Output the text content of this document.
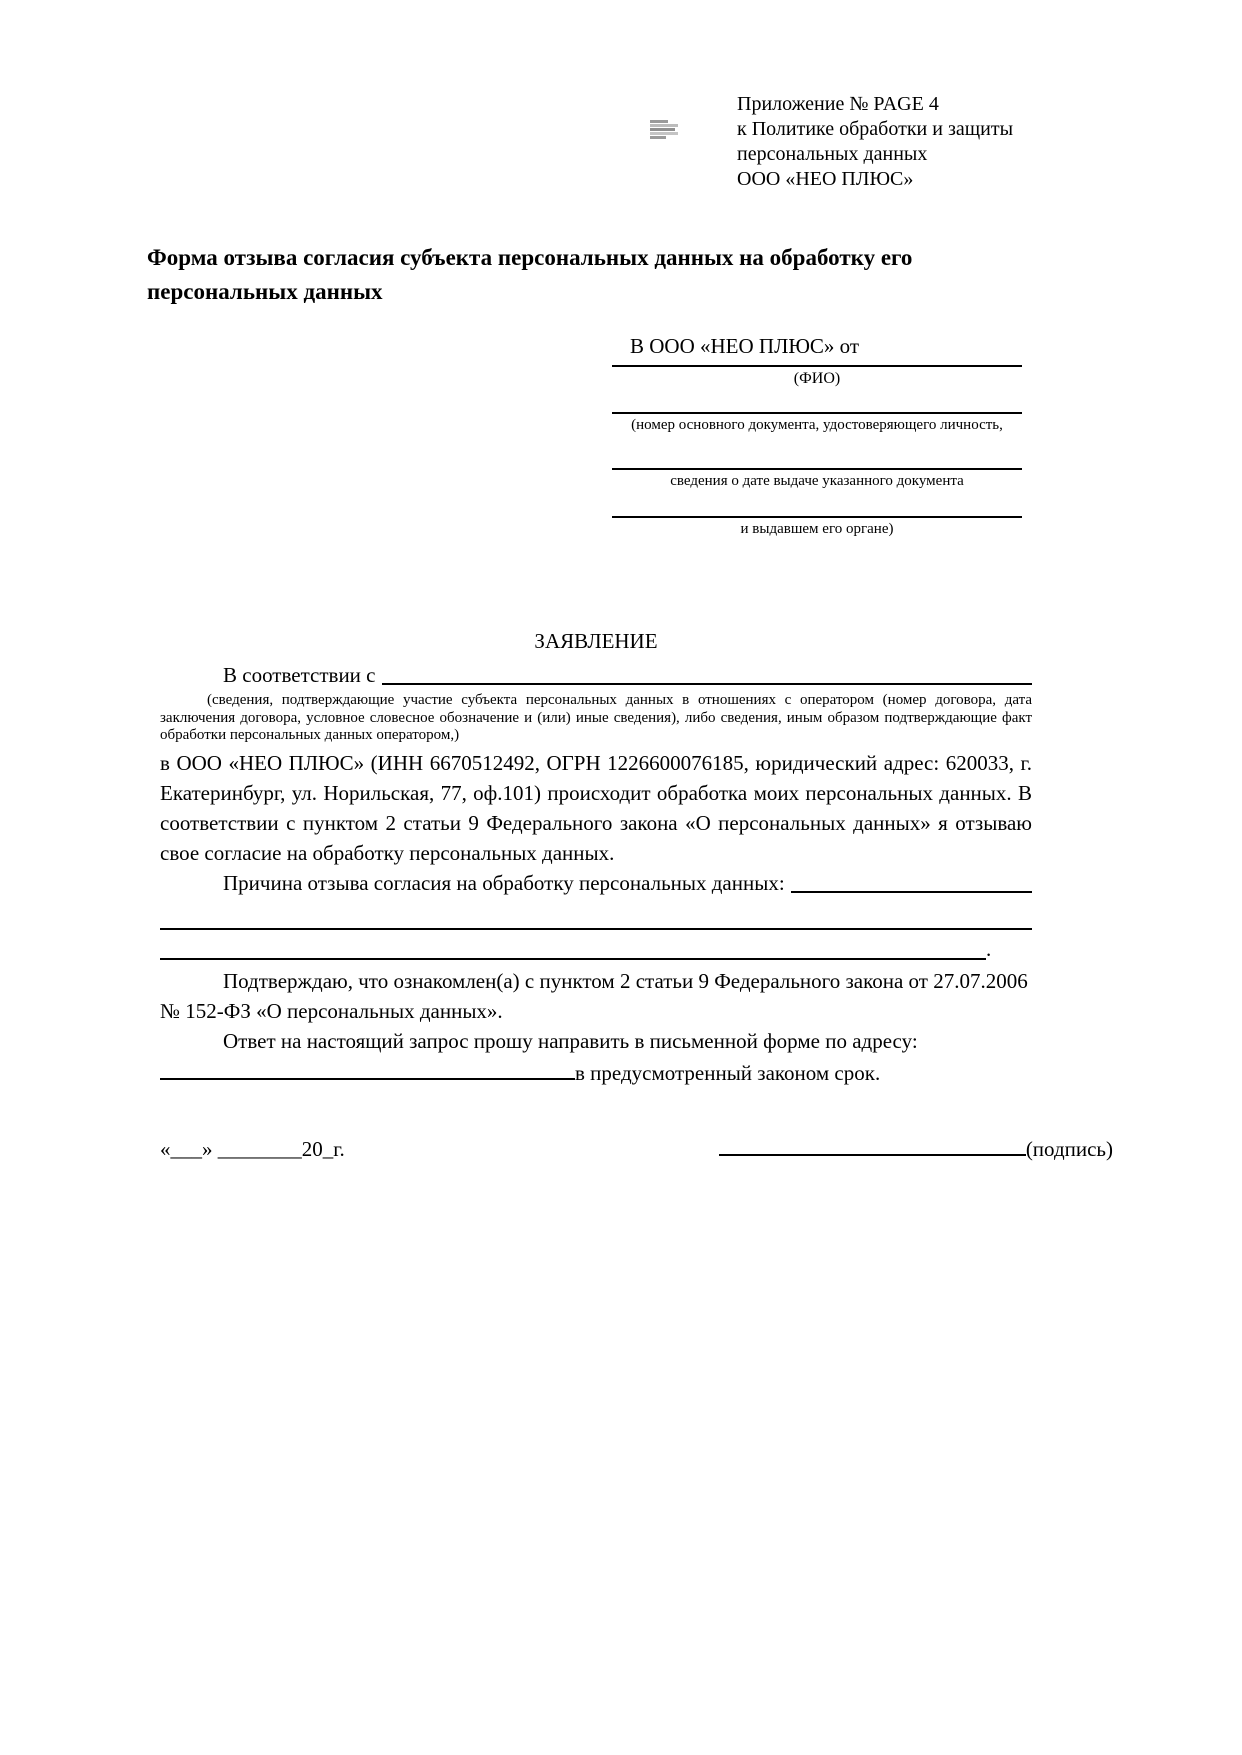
Приложение № PAGE 4
к Политике обработки и защиты
персональных данных
ООО «НЕО ПЛЮС»
Форма отзыва согласия субъекта персональных данных на обработку его персональных данных
В ООО «НЕО ПЛЮС» от
(ФИО)
(номер основного документа, удостоверяющего личность,
сведения о дате выдаче указанного документа
и выдавшем его органе)
ЗАЯВЛЕНИЕ
В соответствии с
(сведения, подтверждающие участие субъекта персональных данных в отношениях с оператором (номер договора, дата заключения договора, условное словесное обозначение и (или) иные сведения), либо сведения, иным образом подтверждающие факт обработки персональных данных оператором,)
в ООО «НЕО ПЛЮС» (ИНН 6670512492, ОГРН 1226600076185, юридический адрес: 620033, г. Екатеринбург, ул. Норильская, 77, оф.101) происходит обработка моих персональных данных. В соответствии с пунктом 2 статьи 9 Федерального закона «О персональных данных» я отзываю свое согласие на обработку персональных данных.
Причина отзыва согласия на обработку персональных данных:
.
Подтверждаю, что ознакомлен(а) с пунктом 2 статьи 9 Федерального закона от 27.07.2006 № 152-ФЗ «О персональных данных».
Ответ на настоящий запрос прошу направить в письменной форме по адресу:
в предусмотренный законом срок.
«___» ________20_г.	(подпись)
